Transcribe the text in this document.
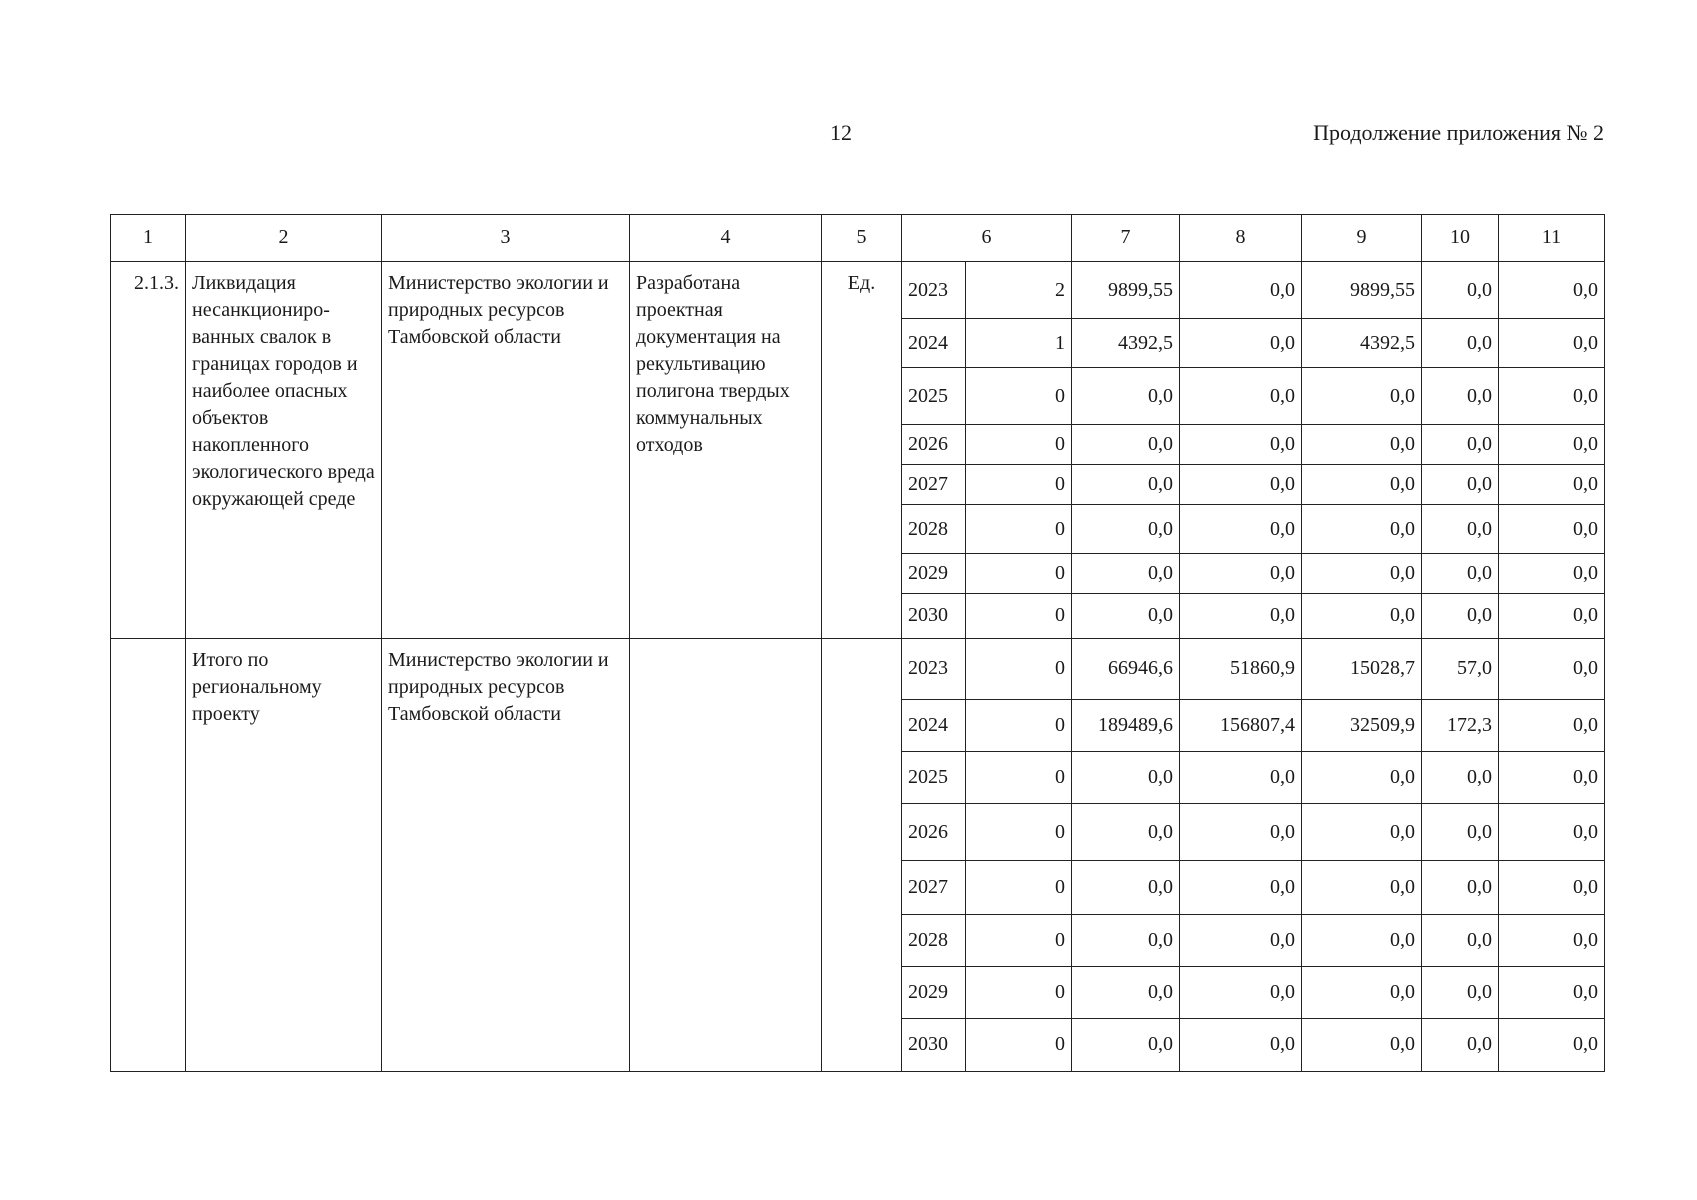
12	Продолжение приложения № 2
1	2	3	4	5	6		7	8	9	10	11
2.1.3.	Ликвидация несанкциониро-ванных свалок в границах городов и наиболее опасных объектов накопленного экологического вреда окружающей среде	Министерство экологии и природных ресурсов Тамбовской области	Разработана проектная документация на рекультивацию полигона твердых коммунальных отходов	Ед.	2023	2	9899,55	0,0	9899,55	0,0	0,0
					2024	1	4392,5	0,0	4392,5	0,0	0,0
					2025	0	0,0	0,0	0,0	0,0	0,0
					2026	0	0,0	0,0	0,0	0,0	0,0
					2027	0	0,0	0,0	0,0	0,0	0,0
					2028	0	0,0	0,0	0,0	0,0	0,0
					2029	0	0,0	0,0	0,0	0,0	0,0
					2030	0	0,0	0,0	0,0	0,0	0,0
	Итого по региональному проекту	Министерство экологии и природных ресурсов Тамбовской области			2023	0	66946,6	51860,9	15028,7	57,0	0,0
					2024	0	189489,6	156807,4	32509,9	172,3	0,0
					2025	0	0,0	0,0	0,0	0,0	0,0
					2026	0	0,0	0,0	0,0	0,0	0,0
					2027	0	0,0	0,0	0,0	0,0	0,0
					2028	0	0,0	0,0	0,0	0,0	0,0
					2029	0	0,0	0,0	0,0	0,0	0,0
					2030	0	0,0	0,0	0,0	0,0	0,0
